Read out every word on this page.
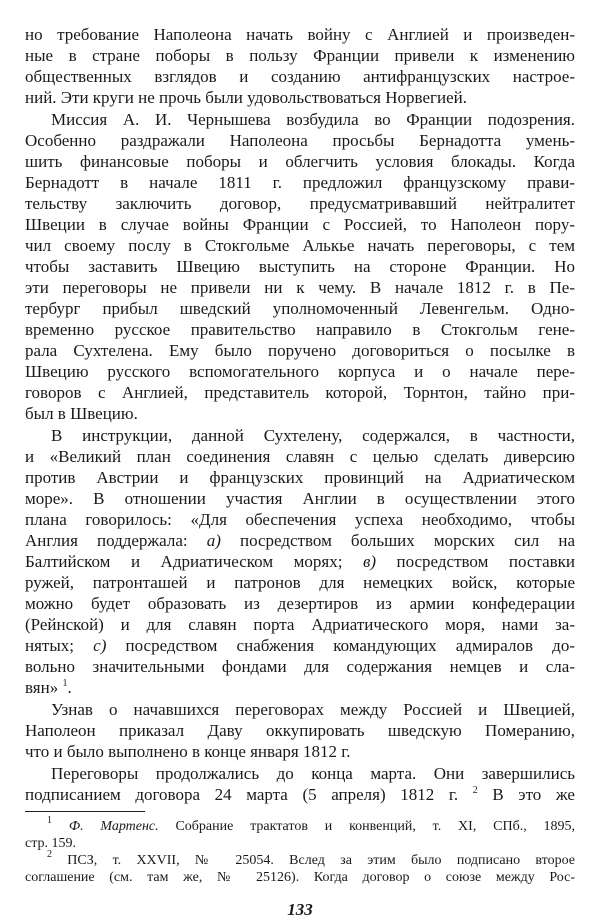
но требование Наполеона начать войну с Англией и произведен-
ные в стране поборы в пользу Франции привели к изменению
общественных взглядов и созданию антифранцузских настрое-
ний. Эти круги не прочь были удовольствоваться Норвегией.
Миссия А. И. Чернышева возбудила во Франции подозрения.
Особенно раздражали Наполеона просьбы Бернадотта умень-
шить финансовые поборы и облегчить условия блокады. Когда
Бернадотт в начале 1811 г. предложил французскому прави-
тельству заключить договор, предусматривавший нейтралитет
Швеции в случае войны Франции с Россией, то Наполеон пору-
чил своему послу в Стокгольме Алькье начать переговоры, с тем
чтобы заставить Швецию выступить на стороне Франции. Но
эти переговоры не привели ни к чему. В начале 1812 г. в Пе-
тербург прибыл шведский уполномоченный Левенгельм. Одно-
временно русское правительство направило в Стокгольм гене-
рала Сухтелена. Ему было поручено договориться о посылке в
Швецию русского вспомогательного корпуса и о начале пере-
говоров с Англией, представитель которой, Торнтон, тайно при-
был в Швецию.
В инструкции, данной Сухтелену, содержался, в частности,
и «Великий план соединения славян с целью сделать диверсию
против Австрии и французских провинций на Адриатическом
море». В отношении участия Англии в осуществлении этого
плана говорилось: «Для обеспечения успеха необходимо, чтобы
Англия поддержала: а) посредством больших морских сил на
Балтийском и Адриатическом морях; в) посредством поставки
ружей, патронташей и патронов для немецких войск, которые
можно будет образовать из дезертиров из армии конфедерации
(Рейнской) и для славян порта Адриатического моря, нами за-
нятых; с) посредством снабжения командующих адмиралов до-
вольно значительными фондами для содержания немцев и сла-
вян» $^1$.
Узнав о начавшихся переговорах между Россией и Швецией,
Наполеон приказал Даву оккупировать шведскую Померанию,
что и было выполнено в конце января 1812 г.
Переговоры продолжались до конца марта. Они завершились
подписанием договора 24 марта (5 апреля) 1812 г. $^2$ В это же
$^1$ Ф. Мартенс. Собрание трактатов и конвенций, т. XI, СПб., 1895,
стр. 159.
$^2$ ПСЗ, т. XXVII, № 25054. Вслед за этим было подписано второе
соглашение (см. там же, № 25126). Когда договор о союзе между Рос-
133
